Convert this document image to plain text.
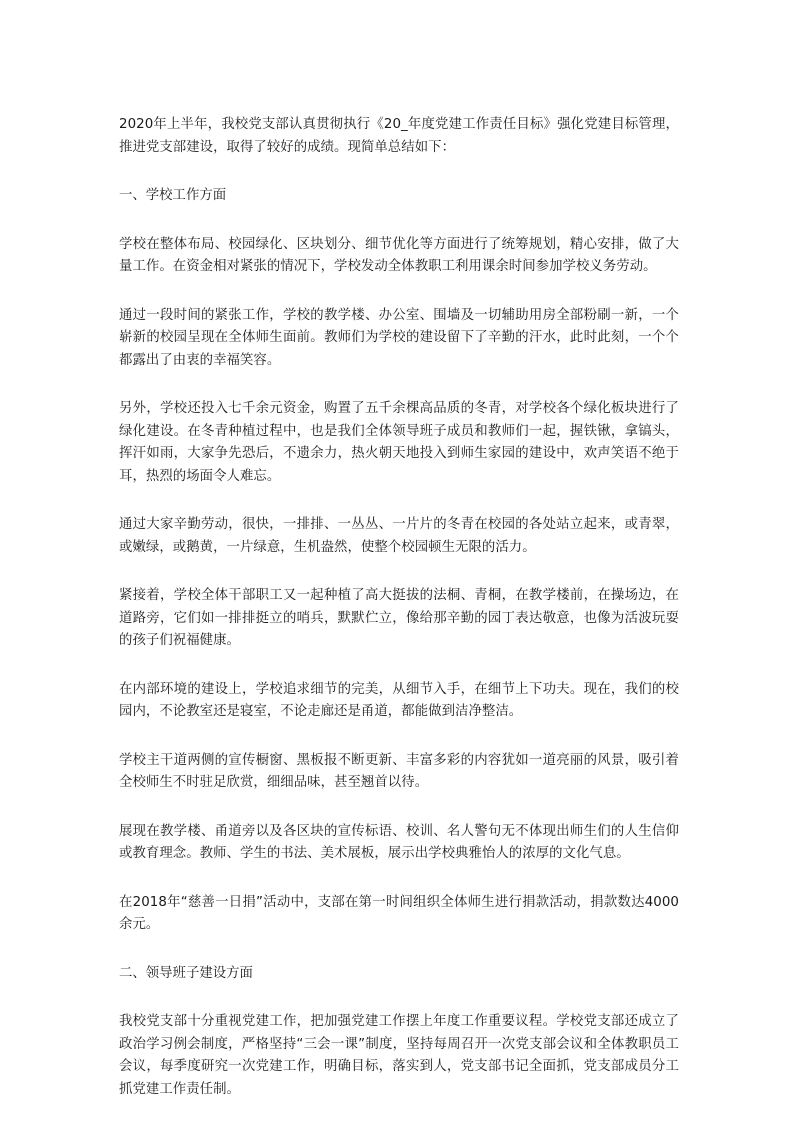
2020年上半年，我校党支部认真贯彻执行《20_年度党建工作责任目标》强化党建目标管理，推进党支部建设，取得了较好的成绩。现简单总结如下：

一、学校工作方面

学校在整体布局、校园绿化、区块划分、细节优化等方面进行了统筹规划，精心安排，做了大量工作。在资金相对紧张的情况下，学校发动全体教职工利用课余时间参加学校义务劳动。

通过一段时间的紧张工作，学校的教学楼、办公室、围墙及一切辅助用房全部粉刷一新，一个崭新的校园呈现在全体师生面前。教师们为学校的建设留下了辛勤的汗水，此时此刻，一个个都露出了由衷的幸福笑容。

另外，学校还投入七千余元资金，购置了五千余棵高品质的冬青，对学校各个绿化板块进行了绿化建设。在冬青种植过程中，也是我们全体领导班子成员和教师们一起，握铁锹，拿镐头，挥汗如雨，大家争先恐后，不遗余力，热火朝天地投入到师生家园的建设中，欢声笑语不绝于耳，热烈的场面令人难忘。

通过大家辛勤劳动，很快，一排排、一丛丛、一片片的冬青在校园的各处站立起来，或青翠，或嫩绿，或鹅黄，一片绿意，生机盎然，使整个校园顿生无限的活力。

紧接着，学校全体干部职工又一起种植了高大挺拔的法桐、青桐，在教学楼前，在操场边，在道路旁，它们如一排排挺立的哨兵，默默伫立，像给那辛勤的园丁表达敬意，也像为活波玩耍的孩子们祝福健康。

在内部环境的建设上，学校追求细节的完美，从细节入手，在细节上下功夫。现在，我们的校园内，不论教室还是寝室，不论走廊还是甬道，都能做到洁净整洁。

学校主干道两侧的宣传橱窗、黑板报不断更新、丰富多彩的内容犹如一道亮丽的风景，吸引着全校师生不时驻足欣赏，细细品味，甚至翘首以待。

展现在教学楼、甬道旁以及各区块的宣传标语、校训、名人警句无不体现出师生们的人生信仰或教育理念。教师、学生的书法、美术展板，展示出学校典雅怡人的浓厚的文化气息。

在2018年“慈善一日捐”活动中，支部在第一时间组织全体师生进行捐款活动，捐款数达4000余元。

二、领导班子建设方面

我校党支部十分重视党建工作，把加强党建工作摆上年度工作重要议程。学校党支部还成立了政治学习例会制度，严格坚持“三会一课”制度，坚持每周召开一次党支部会议和全体教职员工会议，每季度研究一次党建工作，明确目标，落实到人，党支部书记全面抓，党支部成员分工抓党建工作责任制。
